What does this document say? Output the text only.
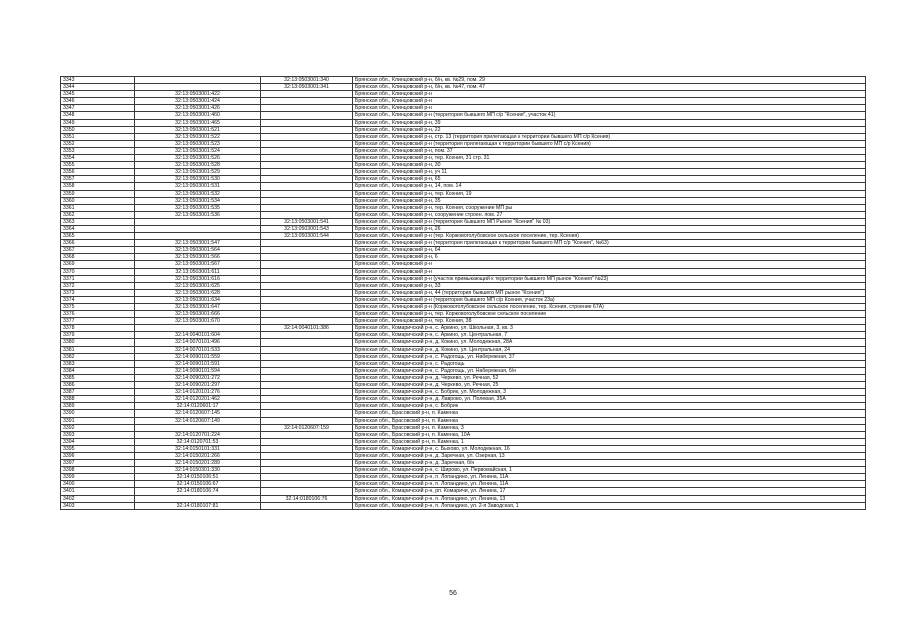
3343		32:13:0503001:340	Брянская обл., Клинцовский р-н, б/н, кв. №29, пом. 29
3344		32:13:0503001:341	Брянская обл., Клинцовский р-н, б/н, кв. №47, пом. 47
3345	32:13:0503001:422		Брянская обл., Клинцовский р-н
3346	32:13:0503001:424		Брянская обл., Клинцовский р-н
3347	32:13:0503001:426		Брянская обл., Клинцовский р-н
3348	32:13:0503001:460		Брянская обл., Клинцовский р-н (территория бывшего МП с/р "Ксения", участок 41)
3349	32:13:0503001:465		Брянская обл., Клинцовский р-н, 39
3350	32:13:0503001:521		Брянская обл., Клинцовский р-н, 22
3351	32:13:0503001:522		Брянская обл., Клинцовский р-н, стр. 13 (территория прилегающая к территории бывшего МП с/р Ксения)
3352	32:13:0503001:523		Брянская обл., Клинцовский р-н (территория прилегающая к территории бывшего МП с/р Ксения)
3353	32:13:0503001:524		Брянская обл., Клинцовский р-н, пом. 37
3354	32:13:0503001:526		Брянская обл., Клинцовский р-н, тер. Ксения, 31 стр. 31
3355	32:13:0503001:528		Брянская обл., Клинцовский р-н, 30
3356	32:13:0503001:529		Брянская обл., Клинцовский р-н, уч 11
3357	32:13:0503001:530		Брянская обл., Клинцовский р-н, 65
3358	32:13:0503001:531		Брянская обл., Клинцовский р-н, 14, пом. 14
3359	32:13:0503001:532		Брянская обл., Клинцовский р-н, тер. Ксения, 19
3360	32:13:0503001:534		Брянская обл., Клинцовский р-н, 35
3361	32:13:0503001:535		Брянская обл., Клинцовский р-н, тер. Ксения, сооружение МП ры
3362	32:13:0503001:536		Брянская обл., Клинцовский р-н, сооружение строен. пом. 27
3363		32:13:0503001:541	Брянская обл., Клинцовский р-н (территория бывшего МП Рыное "Ксения" № 03)
3364		32:13:0503001:543	Брянская обл., Клинцовский р-н, 26
3365		32:13:0503001:544	Брянская обл., Клинцовский р-н (тер. Коржовоголубовское сельское поселение, тер. Ксения)
3366	32:13:0503001:547		Брянская обл., Клинцовский р-н (территория прилегающая к территории бывшего МП с/р "Ксения", №63)
3367	32:13:0503001:564		Брянская обл., Клинцовский р-н, 64
3368	32:13:0503001:566		Брянская обл., Клинцовский р-н, 6
3369	32:13:0503001:567		Брянская обл., Клинцовский р-н
3370	32:13:0503001:611		Брянская обл., Клинцовский р-н
3371	32:13:0503001:616		Брянская обл., Клинцовский р-н (участок примыкающий к территории бывшего МП рыное "Ксения" №23)
3372	32:13:0503001:625		Брянская обл., Клинцовский р-н, 33
3373	32:13:0503001:628		Брянская обл., Клинцовский р-н, 44 (территория бывшего МП рыное "Ксения")
3374	32:13:0503001:634		Брянская обл., Клинцовский р-н (территория бывшего МП с/р Ксения, участок 23а)
3375	32:13:0503001:647		Брянская обл., Клинцовский р-н (Коржовоголубовское сельское поселение, тер. Ксения, строение 67А)
3376	32:13:0503001:666		Брянская обл., Клинцовский р-н, тер. Коржовоголубовское сельское поселение
3377	32:13:0503001:670		Брянская обл., Клинцовский р-н, тер. Ксения, 38
3378		32:14:0040101:386	Брянская обл., Комаричский р-н, с. Аркино, ул. Школьная, 3, кв. 3
3379	32:14:0040101:604		Брянская обл., Комаричский р-н, с. Аркино, ул. Центральная, 7
3380	32:14:0070101:496		Брянская обл., Комаричский р-н, д. Кокино, ул. Молодежная, 28А
3381	32:14:0070101:533		Брянская обл., Комаричский р-н, д. Кокино, ул. Центральная, 24
3382	32:14:0090101:559		Брянская обл., Комаричский р-н, с. Радогощь, ул. Набережная, 37
3383	32:14:0090101:591		Брянская обл., Комаричский р-н, с. Радогощь
3384	32:14:0090101:594		Брянская обл., Комаричский р-н, с. Радогощь, ул. Набережная, б/н
3385	32:14:0090201:272		Брянская обл., Комаричский р-н, д. Черкево, ул. Речная, 52
3386	32:14:0090201:297		Брянская обл., Комаричский р-н, д. Черкево, ул. Речная, 25
3387	32:14:0120101:276		Брянская обл., Комаричский р-н, с. Бобрик, ул. Молодежная, 3
3388	32:14:0120201:462		Брянская обл., Комаричский р-н, д. Лаврово, ул. Полевая, 35А
3389	32:14:0120601:17		Брянская обл., Комаричский р-н, с. Бобрик
3390	32:14:0120607:145		Брянская обл., Брасовский р-н, п. Каменка
3391	32:14:0120607:149		Брянская обл., Брасовский р-н, п. Каменка
3392		32:14:0120607:159	Брянская обл., Брасовский р-н, п. Каменка, 3
3393	32:14:0120701:224		Брянская обл., Брасовский р-н, п. Каменка, 10А
3394	32:14:0120701:53		Брянская обл., Брасовский р-н, п. Каменка, 1
3395	32:14:0150101:331		Брянская обл., Комаричский р-н, с. Быхово, ул. Молодежная, 16
3396	32:14:0150201:266		Брянская обл., Комаричский р-н, д. Заречная, ул. Озерная, 13
3397	32:14:0150201:289		Брянская обл., Комаричский р-н, д. Заречная, б/н
3398	32:14:0150301:330		Брянская обл., Комаричский р-н, с. Широво, ул. Первомайская, 1
3399	32:14:0150106:51		Брянская обл., Комаричский р-н, п. Лопандино, ул. Ленина, 11А
3400	32:14:0150106:67		Брянская обл., Комаричский р-н, п. Лопандино, ул. Ленина, 11А
3401	32:14:0180106:74		Брянская обл., Комаричский р-н, рп. Комаричи, ул. Ленина, 17
3402		32:14:0180106:76	Брянская обл., Комаричский р-н, п. Лопандино, ул. Ленина, 13
3403	32:14:0180107:81		Брянская обл., Комаричский р-н, п. Лопандино, ул. 2-я Заводская, 1
56
